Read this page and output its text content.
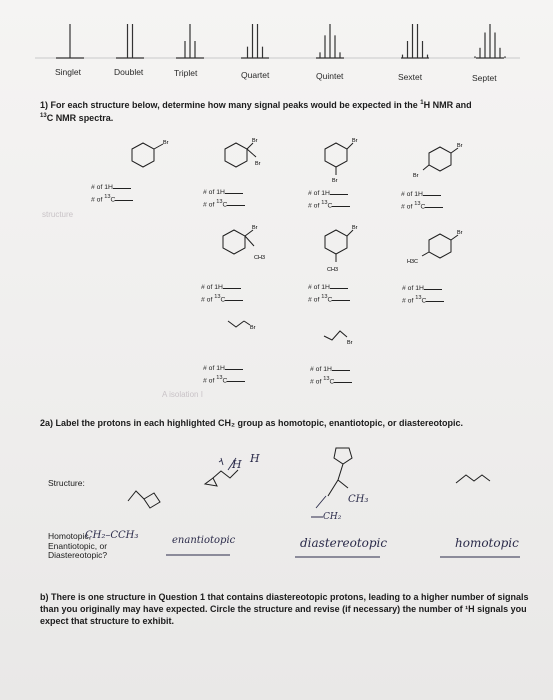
Singlet	Doublet	Triplet	Quartet	Quintet	Sextet	Septet
1) For each structure below, determine how many signal peaks would be expected in the $^1$H NMR and
$^{13}$C NMR spectra.
structure
A isolation I
Br	Br
Br
Br
Br
Br
Br
Br
CH3
Br
CH3
Br
H3C
Br
Br
# of 1H
# of $^{13}$C
# of 1H
# of $^{13}$C
# of 1H
# of $^{13}$C
# of 1H
# of $^{13}$C
# of 1H
# of $^{13}$C
# of 1H
# of $^{13}$C
# of 1H
# of $^{13}$C
# of 1H
# of $^{13}$C
# of 1H
# of $^{13}$C
2a) Label the protons in each highlighted CH₂ group as homotopic, enantiotopic, or diastereotopic.
Structure:
Homotopic,
Enantiotopic, or
Diastereotopic?
H H
CH₃
CH₂
CH₂–CCH₃	enantiotopic	diastereotopic	homotopic
b) There is one structure in Question 1 that contains diastereotopic protons, leading to a higher number of signals than you originally may have expected. Circle the structure and revise (if necessary) the number of ¹H signals you expect that structure to exhibit.
